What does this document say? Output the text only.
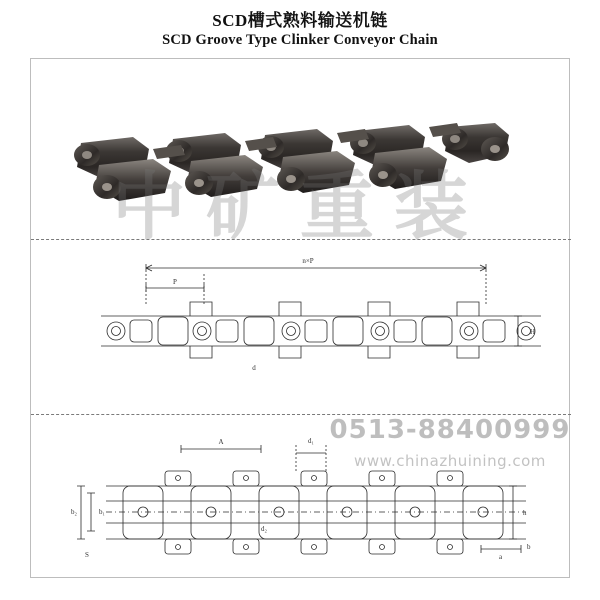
SCD槽式熟料输送机链
SCD Groove Type Clinker Conveyor Chain
n×P
P
d
H
A	d₁
b₁
b₂
S
d₂
a
b
h
中矿重装
0513-88400999
www.chinazhuining.com
